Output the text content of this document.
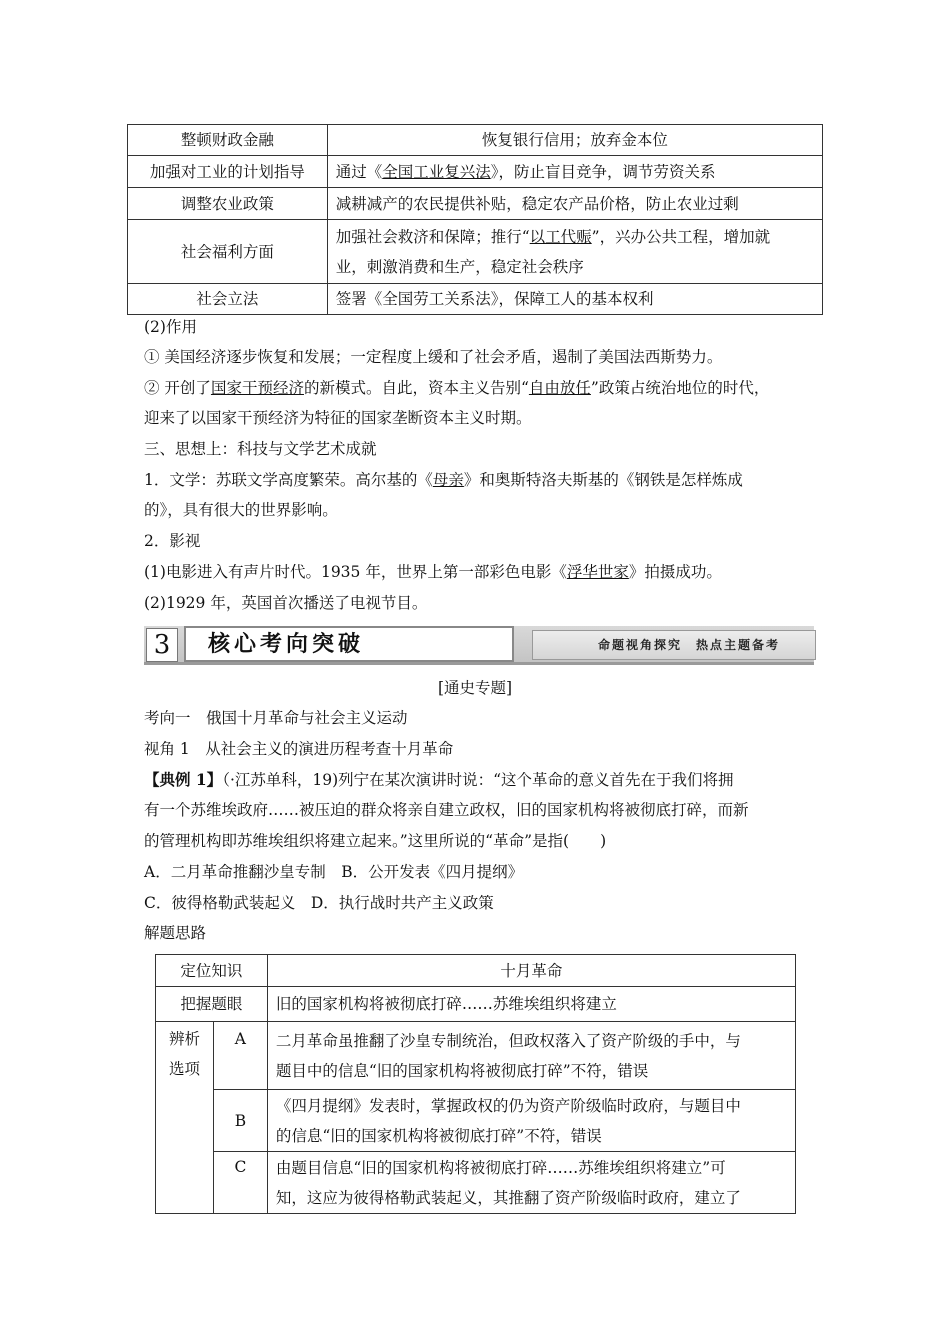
整顿财政金融	恢复银行信用；放弃金本位
加强对工业的计划指导	通过《全国工业复兴法》，防止盲目竞争，调节劳资关系
调整农业政策	减耕减产的农民提供补贴，稳定农产品价格，防止农业过剩
社会福利方面	加强社会救济和保障；推行“以工代赈”，兴办公共工程，增加就
业，刺激消费和生产，稳定社会秩序
社会立法	签署《全国劳工关系法》，保障工人的基本权利
(2)作用
① 美国经济逐步恢复和发展；一定程度上缓和了社会矛盾，遏制了美国法西斯势力。
② 开创了国家干预经济的新模式。自此，资本主义告别“自由放任”政策占统治地位的时代，
迎来了以国家干预经济为特征的国家垄断资本主义时期。
三、思想上：科技与文学艺术成就
1．文学：苏联文学高度繁荣。高尔基的《母亲》和奥斯特洛夫斯基的《钢铁是怎样炼成
的》，具有很大的世界影响。
2．影视
(1)电影进入有声片时代。1935 年，世界上第一部彩色电影《浮华世家》拍摄成功。
(2)1929 年，英国首次播送了电视节目。
3	核心考向突破	命题视角探究　热点主题备考
[通史专题]
考向一　俄国十月革命与社会主义运动
视角 1　从社会主义的演进历程考查十月革命
【典例 1】（·江苏单科，19)列宁在某次演讲时说：“这个革命的意义首先在于我们将拥
有一个苏维埃政府……被压迫的群众将亲自建立政权，旧的国家机构将被彻底打碎，而新
的管理机构即苏维埃组织将建立起来。”这里所说的“革命”是指(　　)
A．二月革命推翻沙皇专制　B．公开发表《四月提纲》
C．彼得格勒武装起义　D．执行战时共产主义政策
解题思路
定位知识		十月革命
把握题眼		旧的国家机构将被彻底打碎……苏维埃组织将建立
辨析
选项	A	二月革命虽推翻了沙皇专制统治，但政权落入了资产阶级的手中，与
题目中的信息“旧的国家机构将被彻底打碎”不符，错误
	B	《四月提纲》发表时，掌握政权的仍为资产阶级临时政府，与题目中
的信息“旧的国家机构将被彻底打碎”不符，错误
	C	由题目信息“旧的国家机构将被彻底打碎……苏维埃组织将建立”可
知，这应为彼得格勒武装起义，其推翻了资产阶级临时政府，建立了
